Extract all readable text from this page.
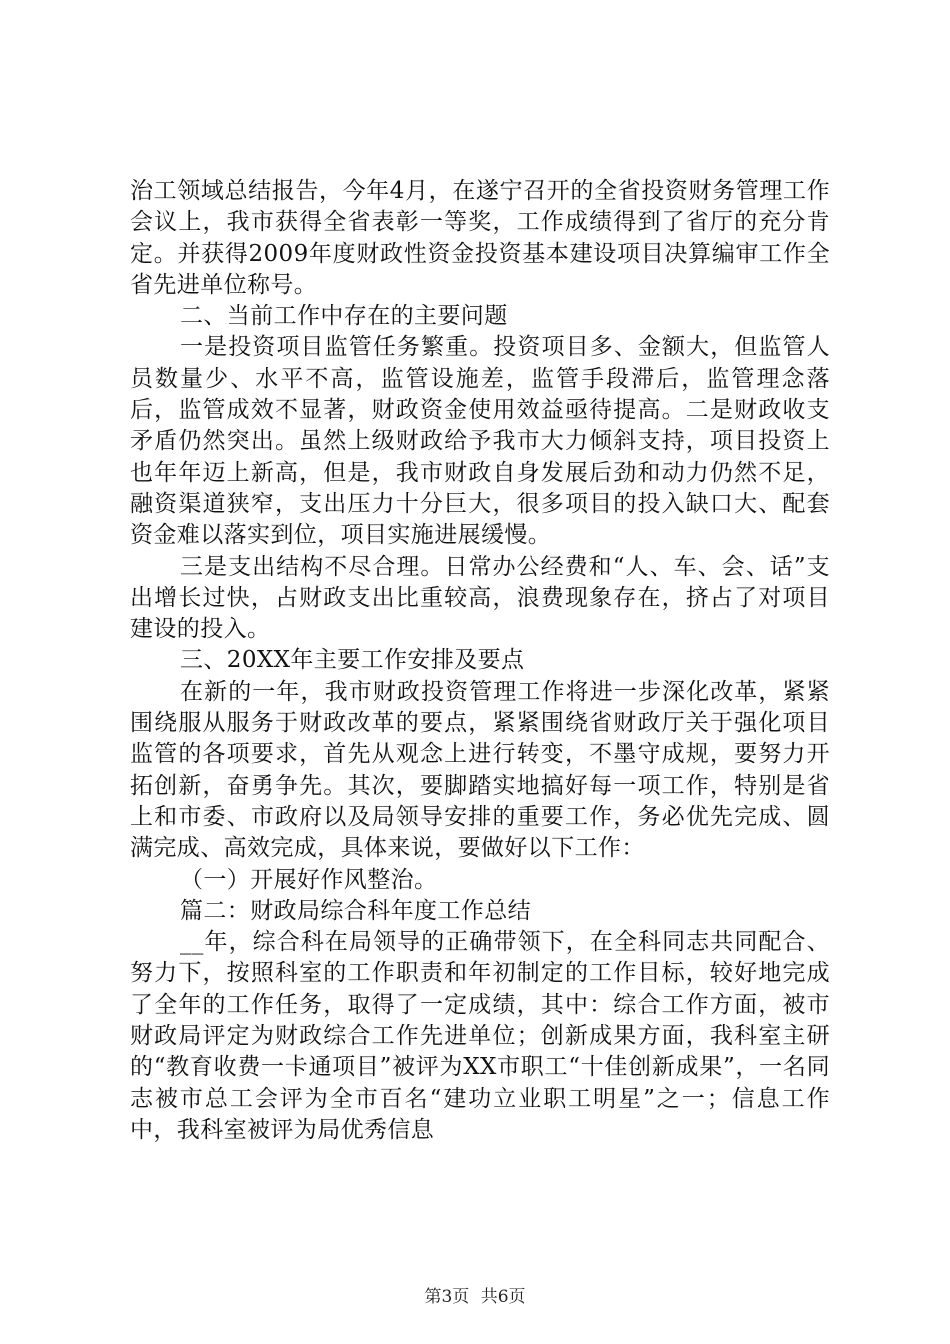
治工领域总结报告，今年4月，在遂宁召开的全省投资财务管理工作会议上，我市获得全省表彰一等奖，工作成绩得到了省厅的充分肯定。并获得2009年度财政性资金投资基本建设项目决算编审工作全省先进单位称号。

二、当前工作中存在的主要问题

一是投资项目监管任务繁重。投资项目多、金额大，但监管人员数量少、水平不高，监管设施差，监管手段滞后，监管理念落后，监管成效不显著，财政资金使用效益亟待提高。二是财政收支矛盾仍然突出。虽然上级财政给予我市大力倾斜支持，项目投资上也年年迈上新高，但是，我市财政自身发展后劲和动力仍然不足，融资渠道狭窄，支出压力十分巨大，很多项目的投入缺口大、配套资金难以落实到位，项目实施进展缓慢。

三是支出结构不尽合理。日常办公经费和“人、车、会、话”支出增长过快，占财政支出比重较高，浪费现象存在，挤占了对项目建设的投入。

三、20XX年主要工作安排及要点

在新的一年，我市财政投资管理工作将进一步深化改革，紧紧围绕服从服务于财政改革的要点，紧紧围绕省财政厅关于强化项目监管的各项要求，首先从观念上进行转变，不墨守成规，要努力开拓创新，奋勇争先。其次，要脚踏实地搞好每一项工作，特别是省上和市委、市政府以及局领导安排的重要工作，务必优先完成、圆满完成、高效完成，具体来说，要做好以下工作：

（一）开展好作风整治。

篇二：财政局综合科年度工作总结

__年，综合科在局领导的正确带领下，在全科同志共同配合、努力下，按照科室的工作职责和年初制定的工作目标，较好地完成了全年的工作任务，取得了一定成绩，其中：综合工作方面，被市财政局评定为财政综合工作先进单位；创新成果方面，我科室主研的“教育收费一卡通项目”被评为XX市职工“十佳创新成果”，一名同志被市总工会评为全市百名“建功立业职工明星”之一；信息工作中，我科室被评为局优秀信息

第3页 共6页
